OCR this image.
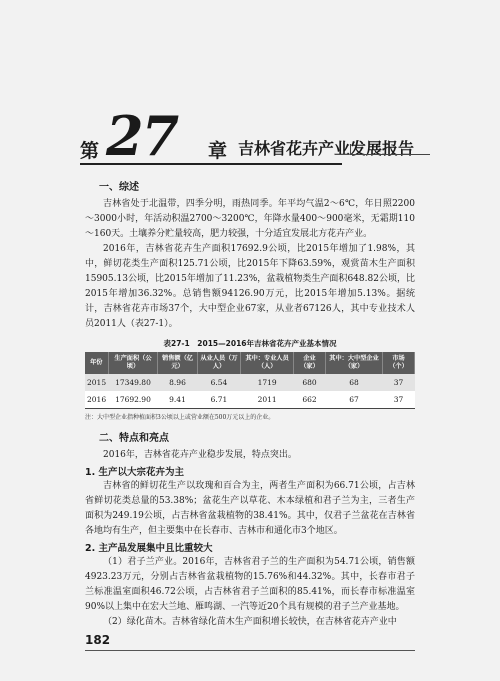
第 27 章 吉林省花卉产业发展报告
一、综述

吉林省处于北温带，四季分明，雨热同季。年平均气温2～6℃，年日照2200～3000小时，年活动积温2700～3200℃，年降水量400～900毫米，无霜期110～160天。土壤养分贮量较高，肥力较强，十分适宜发展北方花卉产业。

2016年，吉林省花卉生产面积17692.9公顷，比2015年增加了1.98%，其中，鲜切花类生产面积125.71公顷，比2015年下降63.59%，观赏苗木生产面积15905.13公顷，比2015年增加了11.23%，盆栽植物类生产面积648.82公顷，比2015年增加36.32%。总销售额94126.90万元，比2015年增加5.13%。据统计，吉林省花卉市场37个，大中型企业67家，从业者67126人，其中专业技术人员2011人（表27-1）。

表27-1　2015—2016年吉林省花卉产业基本情况
年份	生产面积（公顷）	销售额（亿元）	从业人员（万人）	其中：专业人员（人）	企业（家）	其中：大中型企业（家）	市场（个）
2015	17349.80	8.96	6.54	1719	680	68	37
2016	17692.90	9.41	6.71	2011	662	67	37
注：大中型企业指种植面积3公顷以上或营业额在500万元以上的企业。
二、特点和亮点

2016年，吉林省花卉产业稳步发展，特点突出。

1. 生产以大宗花卉为主

吉林省的鲜切花生产以玫瑰和百合为主，两者生产面积为66.71公顷，占吉林省鲜切花类总量的53.38%；盆花生产以草花、木本绿植和君子兰为主，三者生产面积为249.19公顷，占吉林省盆栽植物的38.41%。其中，仅君子兰盆花在吉林省各地均有生产，但主要集中在长春市、吉林市和通化市3个地区。

2. 主产品发展集中且比重较大

（1）君子兰产业。2016年，吉林省君子兰的生产面积为54.71公顷，销售额4923.23万元，分别占吉林省盆栽植物的15.76%和44.32%。其中，长春市君子兰标准温室面积46.72公顷，占吉林省君子兰面积的85.41%，而长春市标准温室90%以上集中在宏大兰地、雁鸣湖、一汽等近20个具有规模的君子兰产业基地。

（2）绿化苗木。吉林省绿化苗木生产面积增长较快，在吉林省花卉产业中

182
